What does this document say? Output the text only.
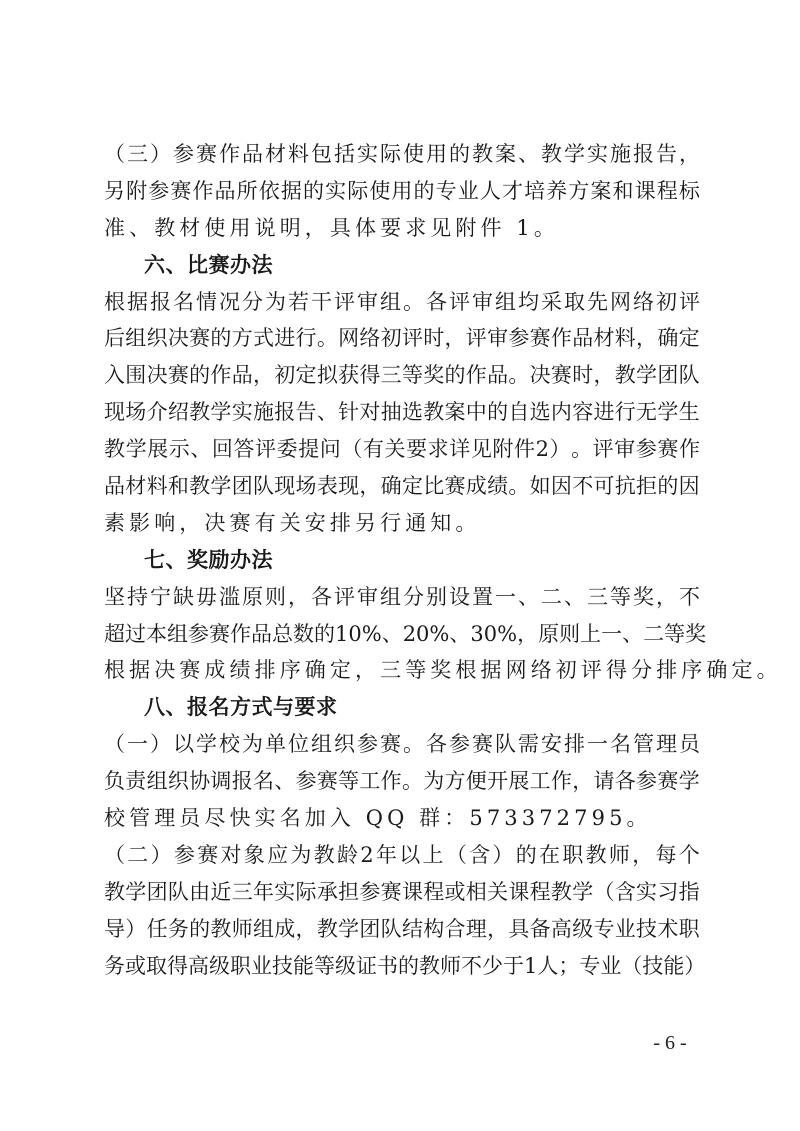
（ 三 ） 参 赛 作 品 材 料 包 括 实 际 使 用 的 教 案 、 教 学 实 施 报 告 ，
另 附 参 赛 作 品 所 依 据 的 实 际 使 用 的 专 业 人 才 培 养 方 案 和 课 程 标
准、教材使用说明，具体要求见附件 1。
六、比赛办法
根 据 报 名 情 况 分 为 若 干 评 审 组 。 各 评 审 组 均 采 取 先 网 络 初 评
后 组 织 决 赛 的 方 式 进 行 。 网 络 初 评 时 ， 评 审 参 赛 作 品 材 料 ， 确 定
入 围 决 赛 的 作 品 ， 初 定 拟 获 得 三 等 奖 的 作 品 。 决 赛 时 ， 教 学 团 队
现 场 介 绍 教 学 实 施 报 告 、 针 对 抽 选 教 案 中 的 自 选 内 容 进 行 无 学 生
教 学 展 示 、 回 答 评 委 提 问 （ 有 关 要 求 详 见 附 件 2 ） 。 评 审 参 赛 作
品 材 料 和 教 学 团 队 现 场 表 现 ， 确 定 比 赛 成 绩 。 如 因 不 可 抗 拒 的 因
素影响，决赛有关安排另行通知。
七、奖励办法
坚 持 宁 缺 毋 滥 原 则 ， 各 评 审 组 分 别 设 置 一 、 二 、 三 等 奖 ， 不
超 过 本 组 参 赛 作 品 总 数 的 10% 、 20% 、 30% ， 原 则 上 一 、 二 等 奖
根据决赛成绩排序确定，三等奖根据网络初评得分排序确定。
八、报名方式与要求
（ 一 ） 以 学 校 为 单 位 组 织 参 赛 。 各 参 赛 队 需 安 排 一 名 管 理 员
负 责 组 织 协 调 报 名 、 参 赛 等 工 作 。 为 方 便 开 展 工 作 ， 请 各 参 赛 学
校管理员尽快实名加入 QQ 群：573372795。
（ 二 ） 参 赛 对 象 应 为 教 龄 2 年 以 上 （ 含 ） 的 在 职 教 师 ， 每 个
教 学 团 队 由 近 三 年 实 际 承 担 参 赛 课 程 或 相 关 课 程 教 学 （ 含 实 习 指
导 ） 任 务 的 教 师 组 成 ， 教 学 团 队 结 构 合 理 ， 具 备 高 级 专 业 技 术 职
务 或 取 得 高 级 职 业 技 能 等 级 证 书 的 教 师 不 少 于 1 人 ； 专 业 （ 技 能 ）
- 6 -
